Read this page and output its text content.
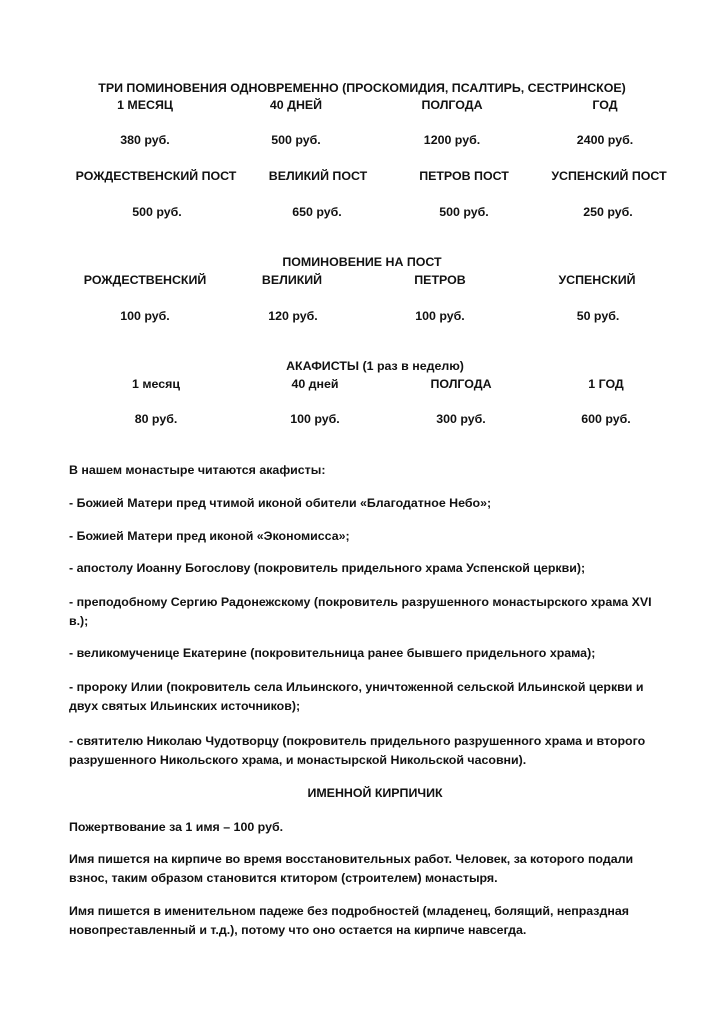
ТРИ ПОМИНОВЕНИЯ ОДНОВРЕМЕННО (ПРОСКОМИДИЯ, ПСАЛТИРЬ, СЕСТРИНСКОЕ)
1 МЕСЯЦ	40 ДНЕЙ	ПОЛГОДА	ГОД
380 руб.	500 руб.	1200 руб.	2400 руб.
РОЖДЕСТВЕНСКИЙ ПОСТ	ВЕЛИКИЙ ПОСТ	ПЕТРОВ ПОСТ	УСПЕНСКИЙ ПОСТ
500 руб.	650 руб.	500 руб.	250 руб.
ПОМИНОВЕНИЕ НА ПОСТ
РОЖДЕСТВЕНСКИЙ	ВЕЛИКИЙ	ПЕТРОВ	УСПЕНСКИЙ
100 руб.	120 руб.	100 руб.	50 руб.
АКАФИСТЫ (1 раз в неделю)
1 месяц	40 дней	ПОЛГОДА	1 ГОД
80 руб.	100 руб.	300 руб.	600 руб.
В нашем монастыре читаются акафисты:
- Божией Матери пред чтимой иконой обители «Благодатное Небо»;
- Божией Матери пред иконой «Экономисса»;
- апостолу Иоанну Богослову (покровитель придельного храма Успенской церкви);
- преподобному Сергию Радонежскому (покровитель разрушенного монастырского храма XVI в.);
- великомученице Екатерине (покровительница ранее бывшего придельного храма);
- пророку Илии (покровитель села Ильинского, уничтоженной сельской Ильинской церкви и двух святых Ильинских источников);
- святителю Николаю Чудотворцу (покровитель придельного разрушенного храма и второго разрушенного Никольского храма, и монастырской Никольской часовни).
ИМЕННОЙ КИРПИЧИК
Пожертвование за 1 имя – 100 руб.
Имя пишется на кирпиче во время восстановительных работ. Человек, за которого подали взнос, таким образом становится ктитором (строителем) монастыря.
Имя пишется в именительном падеже без подробностей (младенец, болящий, непраздная новопреставленный и т.д.), потому что оно остается на кирпиче навсегда.
